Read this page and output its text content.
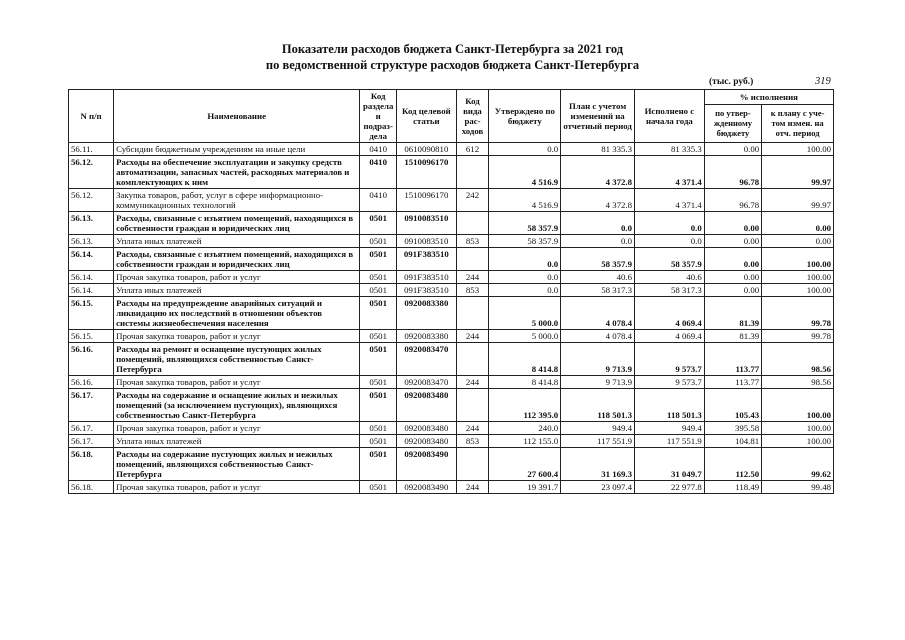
Показатели расходов бюджета Санкт-Петербурга за 2021 год
по ведомственной структуре расходов бюджета Санкт-Петербурга
(тыс. руб.)	319
N п/п	Наименование	Код раздела и подраз-дела	Код целевой статьи	Код вида рас-ходов	Утверждено по бюджету	План с учетом изменений на отчетный период	Исполнено с начала года	% исполнения	
								по утвер-жденному бюджету	к плану с уче-том измен. на отч. период
56.11.	Субсидии бюджетным учреждениям на иные цели	0410	0610090810	612	0.0	81 335.3	81 335.3	0.00	100.00
56.12.	Расходы на обеспечение эксплуатации и закупку средств автоматизации, запасных частей, расходных материалов и комплектующих к ним	0410	1510096170		4 516.9	4 372.8	4 371.4	96.78	99.97
56.12.	Закупка товаров, работ, услуг в сфере информационно-коммуникационных технологий	0410	1510096170	242	4 516.9	4 372.8	4 371.4	96.78	99.97
56.13.	Расходы, связанные с изъятием помещений, находящихся в собственности граждан и юридических лиц	0501	0910083510		58 357.9	0.0	0.0	0.00	0.00
56.13.	Уплата иных платежей	0501	0910083510	853	58 357.9	0.0	0.0	0.00	0.00
56.14.	Расходы, связанные с изъятием помещений, находящихся в собственности граждан и юридических лиц	0501	091F383510		0.0	58 357.9	58 357.9	0.00	100.00
56.14.	Прочая закупка товаров, работ и услуг	0501	091F383510	244	0.0	40.6	40.6	0.00	100.00
56.14.	Уплата иных платежей	0501	091F383510	853	0.0	58 317.3	58 317.3	0.00	100.00
56.15.	Расходы на предупреждение аварийных ситуаций и ликвидацию их последствий в отношении объектов системы жизнеобеспечения населения	0501	0920083380		5 000.0	4 078.4	4 069.4	81.39	99.78
56.15.	Прочая закупка товаров, работ и услуг	0501	0920083380	244	5 000.0	4 078.4	4 069.4	81.39	99.78
56.16.	Расходы на ремонт и оснащение пустующих жилых помещений, являющихся собственностью Санкт-Петербурга	0501	0920083470		8 414.8	9 713.9	9 573.7	113.77	98.56
56.16.	Прочая закупка товаров, работ и услуг	0501	0920083470	244	8 414.8	9 713.9	9 573.7	113.77	98.56
56.17.	Расходы на содержание и оснащение жилых и нежилых помещений (за исключением пустующих), являющихся собственностью Санкт-Петербурга	0501	0920083480		112 395.0	118 501.3	118 501.3	105.43	100.00
56.17.	Прочая закупка товаров, работ и услуг	0501	0920083480	244	240.0	949.4	949.4	395.58	100.00
56.17.	Уплата иных платежей	0501	0920083480	853	112 155.0	117 551.9	117 551.9	104.81	100.00
56.18.	Расходы на содержание пустующих жилых и нежилых помещений, являющихся собственностью Санкт-Петербурга	0501	0920083490		27 600.4	31 169.3	31 049.7	112.50	99.62
56.18.	Прочая закупка товаров, работ и услуг	0501	0920083490	244	19 391.7	23 097.4	22 977.8	118.49	99.48
